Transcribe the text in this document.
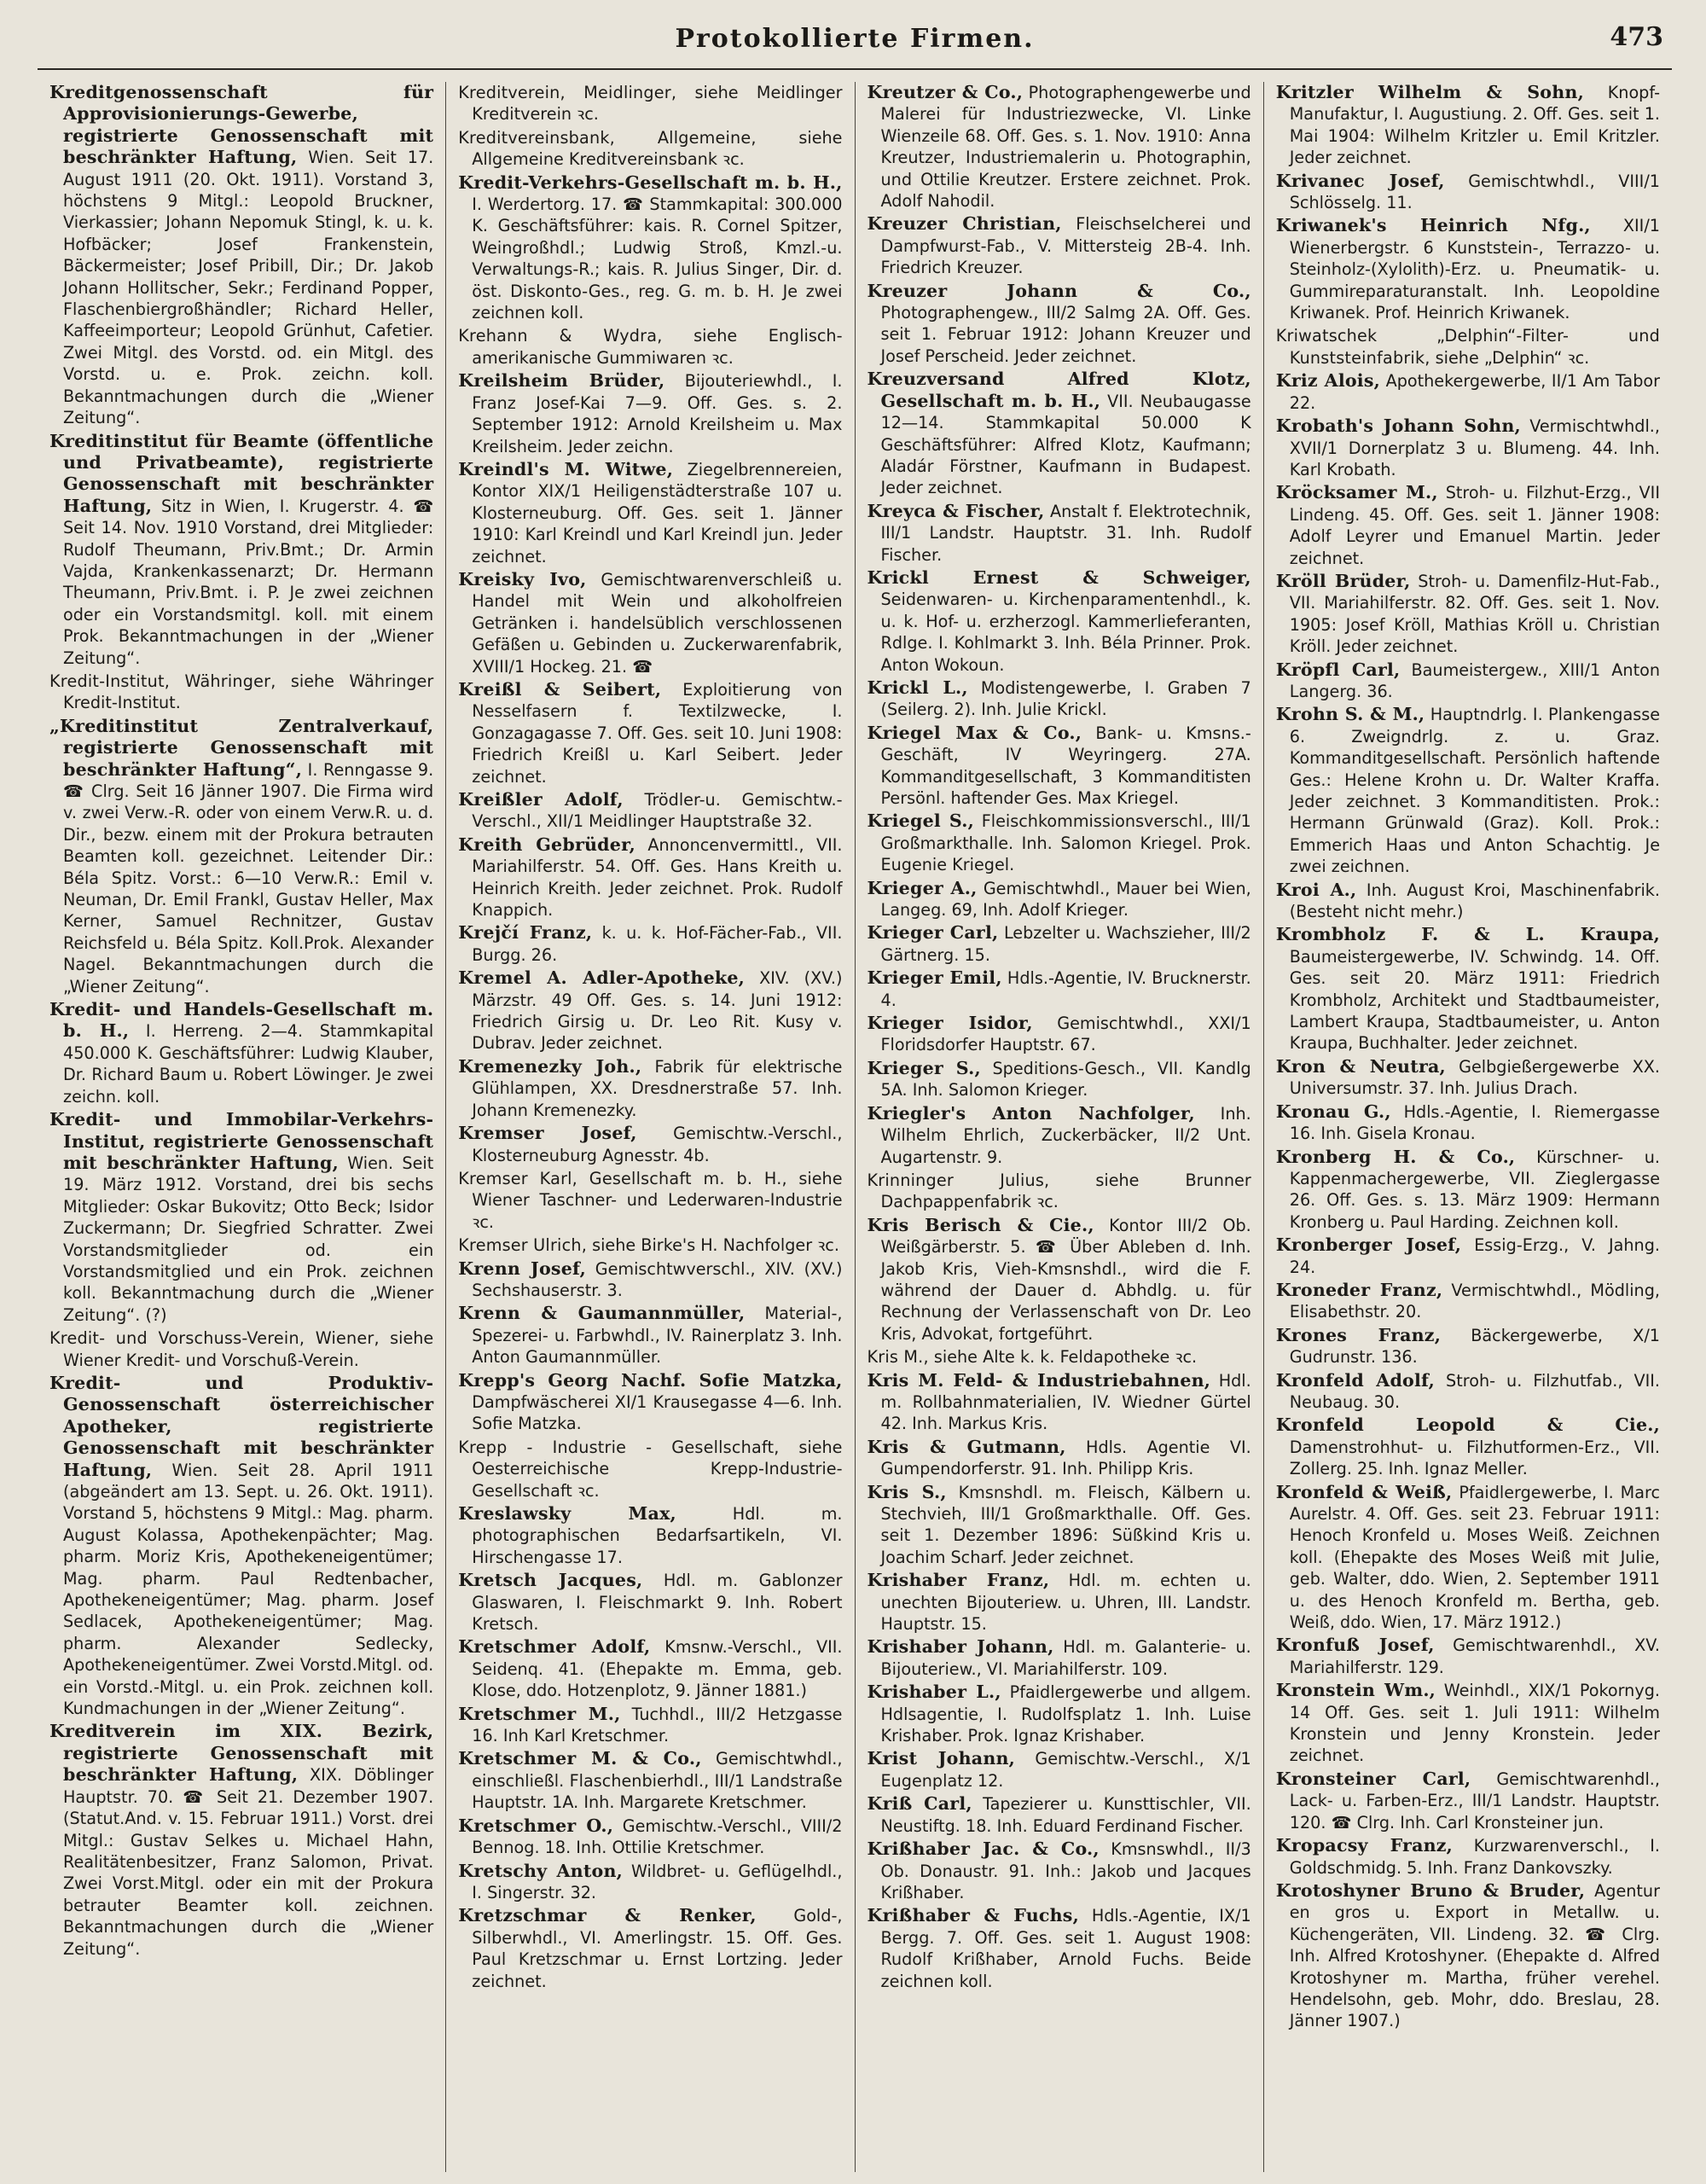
Protokollierte Firmen.	473

Kreditgenossenschaft für Approvisionierungs-Gewerbe, registrierte Genossenschaft mit beschränkter Haftung, Wien. Seit 17. August 1911 (20. Okt. 1911). Vorstand 3, höchstens 9 Mitgl.: Leopold Bruckner, Vierkassier; Johann Nepomuk Stingl, k. u. k. Hofbäcker; Josef Frankenstein, Bäckermeister; Josef Pribill, Dir.; Dr. Jakob Johann Hollitscher, Sekr.; Ferdinand Popper, Flaschenbiergroßhändler; Richard Heller, Kaffeeimporteur; Leopold Grünhut, Cafetier. Zwei Mitgl. des Vorstd. od. ein Mitgl. des Vorstd. u. e. Prok. zeichn. koll. Bekanntmachungen durch die „Wiener Zeitung“.

Kreditinstitut für Beamte (öffentliche und Privatbeamte), registrierte Genossenschaft mit beschränkter Haftung, Sitz in Wien, I. Krugerstr. 4. ☎ Seit 14. Nov. 1910 Vorstand, drei Mitglieder: Rudolf Theumann, Priv.Bmt.; Dr. Armin Vajda, Krankenkassenarzt; Dr. Hermann Theumann, Priv.Bmt. i. P. Je zwei zeichnen oder ein Vorstandsmitgl. koll. mit einem Prok. Bekanntmachungen in der „Wiener Zeitung“.

Kredit-Institut, Währinger, siehe Währinger Kredit-Institut.

„Kreditinstitut Zentralverkauf, registrierte Genossenschaft mit beschränkter Haftung“, I. Renngasse 9. ☎ Clrg. Seit 16 Jänner 1907. Die Firma wird v. zwei Verw.-R. oder von einem Verw.R. u. d. Dir., bezw. einem mit der Prokura betrauten Beamten koll. gezeichnet. Leitender Dir.: Béla Spitz. Vorst.: 6—10 Verw.R.: Emil v. Neuman, Dr. Emil Frankl, Gustav Heller, Max Kerner, Samuel Rechnitzer, Gustav Reichsfeld u. Béla Spitz. Koll.Prok. Alexander Nagel. Bekanntmachungen durch die „Wiener Zeitung“.

Kredit- und Handels-Gesellschaft m. b. H., I. Herreng. 2—4. Stammkapital 450.000 K. Geschäftsführer: Ludwig Klauber, Dr. Richard Baum u. Robert Löwinger. Je zwei zeichn. koll.

Kredit- und Immobilar-Verkehrs-Institut, registrierte Genossenschaft mit beschränkter Haftung, Wien. Seit 19. März 1912. Vorstand, drei bis sechs Mitglieder: Oskar Bukovitz; Otto Beck; Isidor Zuckermann; Dr. Siegfried Schratter. Zwei Vorstandsmitglieder od. ein Vorstandsmitglied und ein Prok. zeichnen koll. Bekanntmachung durch die „Wiener Zeitung“. (?)

Kredit- und Vorschuss-Verein, Wiener, siehe Wiener Kredit- und Vorschuß-Verein.

Kredit- und Produktiv-Genossenschaft österreichischer Apotheker, registrierte Genossenschaft mit beschränkter Haftung, Wien. Seit 28. April 1911 (abgeändert am 13. Sept. u. 26. Okt. 1911). Vorstand 5, höchstens 9 Mitgl.: Mag. pharm. August Kolassa, Apothekenpächter; Mag. pharm. Moriz Kris, Apothekeneigentümer; Mag. pharm. Paul Redtenbacher, Apothekeneigentümer; Mag. pharm. Josef Sedlacek, Apothekeneigentümer; Mag. pharm. Alexander Sedlecky, Apothekeneigentümer. Zwei Vorstd.Mitgl. od. ein Vorstd.-Mitgl. u. ein Prok. zeichnen koll. Kundmachungen in der „Wiener Zeitung“.

Kreditverein im XIX. Bezirk, registrierte Genossenschaft mit beschränkter Haftung, XIX. Döblinger Hauptstr. 70. ☎ Seit 21. Dezember 1907. (Statut.And. v. 15. Februar 1911.) Vorst. drei Mitgl.: Gustav Selkes u. Michael Hahn, Realitätenbesitzer, Franz Salomon, Privat. Zwei Vorst.Mitgl. oder ein mit der Prokura betrauter Beamter koll. zeichnen. Bekanntmachungen durch die „Wiener Zeitung“.

Kreditverein, Meidlinger, siehe Meidlinger Kreditverein ꝛc.

Kreditvereinsbank, Allgemeine,	siehe Allgemeine Kreditvereinsbank ꝛc.

Kredit-Verkehrs-Gesellschaft m. b. H., I. Werdertorg. 17. ☎ Stammkapital: 300.000 K. Geschäftsführer: kais. R. Cornel Spitzer, Weingroßhdl.; Ludwig Stroß, Kmzl.-u. Verwaltungs-R.; kais. R. Julius Singer, Dir. d. öst. Diskonto-Ges., reg. G. m. b. H. Je zwei zeichnen koll.

Krehann & Wydra, siehe Englisch-amerikanische Gummiwaren ꝛc.

Kreilsheim Brüder, Bijouteriewhdl., I. Franz Josef-Kai 7—9. Off. Ges. s. 2. September 1912: Arnold Kreilsheim u. Max Kreilsheim. Jeder zeichn.

Kreindl's M. Witwe, Ziegelbrennereien, Kontor XIX/1 Heiligenstädterstraße 107 u. Klosterneuburg. Off. Ges. seit 1. Jänner 1910: Karl Kreindl und Karl Kreindl jun. Jeder zeichnet.

Kreisky Ivo, Gemischtwarenverschleiß u. Handel mit Wein und alkoholfreien Getränken i. handelsüblich verschlossenen Gefäßen u. Gebinden u. Zuckerwarenfabrik, XVIII/1 Hockeg. 21. ☎

Kreißl & Seibert, Exploitierung von Nesselfasern f. Textilzwecke, I. Gonzagagasse 7. Off. Ges. seit 10. Juni 1908: Friedrich Kreißl u. Karl Seibert. Jeder zeichnet.

Kreißler Adolf, Trödler-u. Gemischtw.-Verschl., XII/1 Meidlinger Hauptstraße 32.

Kreith Gebrüder, Annoncenvermittl., VII. Mariahilferstr. 54. Off. Ges. Hans Kreith u. Heinrich Kreith. Jeder zeichnet. Prok. Rudolf Knappich.

Krejčí Franz, k. u. k. Hof-Fächer-Fab., VII. Burgg. 26.

Kremel A. Adler-Apotheke, XIV. (XV.) Märzstr. 49 Off. Ges. s. 14. Juni 1912: Friedrich Girsig u. Dr. Leo Rit. Kusy v. Dubrav. Jeder zeichnet.

Kremenezky Joh., Fabrik für elektrische Glühlampen, XX. Dresdnerstraße 57. Inh. Johann Kremenezky.

Kremser Josef, Gemischtw.-Verschl., Klosterneuburg Agnesstr. 4b.

Kremser Karl, Gesellschaft m. b. H., siehe Wiener Taschner- und Lederwaren-Industrie ꝛc.

Kremser Ulrich, siehe Birke's H. Nachfolger ꝛc.

Krenn Josef, Gemischtwverschl., XIV. (XV.) Sechshauserstr. 3.

Krenn & Gaumannmüller, Material-, Spezerei- u. Farbwhdl., IV. Rainerplatz 3. Inh. Anton Gaumannmüller.

Krepp's Georg Nachf. Sofie Matzka, Dampfwäscherei XI/1 Krausegasse 4—6. Inh. Sofie Matzka.

Krepp - Industrie - Gesellschaft, siehe Oesterreichische Krepp-Industrie-Gesellschaft ꝛc.

Kreslawsky Max,	Hdl. m. photographischen Bedarfsartikeln, VI. Hirschengasse 17.

Kretsch Jacques, Hdl. m. Gablonzer Glaswaren, I. Fleischmarkt 9. Inh. Robert Kretsch.

Kretschmer Adolf, Kmsnw.-Verschl., VII. Seidenq. 41. (Ehepakte m. Emma, geb. Klose, ddo. Hotzenplotz, 9. Jänner 1881.)

Kretschmer M., Tuchhdl., III/2 Hetzgasse 16. Inh Karl Kretschmer.

Kretschmer M. & Co., Gemischtwhdl., einschließl. Flaschenbierhdl., III/1 Landstraße Hauptstr. 1A. Inh. Margarete Kretschmer.

Kretschmer O., Gemischtw.-Verschl., VIII/2 Bennog. 18. Inh. Ottilie Kretschmer.

Kretschy Anton, Wildbret- u. Geflügelhdl., I. Singerstr. 32.

Kretzschmar & Renker, Gold-, Silberwhdl., VI. Amerlingstr. 15. Off. Ges. Paul Kretzschmar u. Ernst Lortzing. Jeder zeichnet.

Kreutzer & Co., Photographengewerbe und Malerei für Industriezwecke, VI. Linke Wienzeile 68. Off. Ges. s. 1. Nov. 1910: Anna Kreutzer, Industriemalerin u. Photographin, und Ottilie Kreutzer. Erstere zeichnet. Prok. Adolf Nahodil.

Kreuzer Christian, Fleischselcherei und Dampfwurst-Fab., V. Mittersteig 2B-4. Inh. Friedrich Kreuzer.

Kreuzer Johann & Co., Photographengew., III/2 Salmg 2A. Off. Ges. seit 1. Februar 1912: Johann Kreuzer und Josef Perscheid. Jeder zeichnet.

Kreuzversand Alfred Klotz, Gesellschaft m. b. H., VII. Neubaugasse 12—14. Stammkapital 50.000 K Geschäftsführer: Alfred Klotz, Kaufmann; Aladár Förstner, Kaufmann in Budapest. Jeder zeichnet.

Kreyca & Fischer, Anstalt f. Elektrotechnik, III/1 Landstr. Hauptstr. 31. Inh. Rudolf Fischer.

Krickl Ernest & Schweiger, Seidenwaren- u. Kirchenparamentenhdl., k. u. k. Hof- u. erzherzogl. Kammerlieferanten, Rdlge. I. Kohlmarkt 3. Inh. Béla Prinner. Prok. Anton Wokoun.

Krickl L., Modistengewerbe, I. Graben 7 (Seilerg. 2). Inh. Julie Krickl.

Kriegel Max & Co., Bank- u. Kmsns.-Geschäft, IV Weyringerg. 27A. Kommanditgesellschaft, 3 Kommanditisten Persönl. haftender Ges. Max Kriegel.

Kriegel S., Fleischkommissionsverschl., III/1 Großmarkthalle. Inh. Salomon Kriegel. Prok. Eugenie Kriegel.

Krieger A., Gemischtwhdl., Mauer bei Wien, Langeg. 69, Inh. Adolf Krieger.

Krieger Carl, Lebzelter u. Wachszieher, III/2 Gärtnerg. 15.

Krieger Emil, Hdls.-Agentie, IV. Brucknerstr. 4.

Krieger Isidor, Gemischtwhdl., XXI/1 Floridsdorfer Hauptstr. 67.

Krieger S., Speditions-Gesch., VII. Kandlg 5A. Inh. Salomon Krieger.

Kriegler's Anton Nachfolger, Inh. Wilhelm Ehrlich, Zuckerbäcker, II/2 Unt. Augartenstr. 9.

Krinninger Julius,	siehe Brunner Dachpappenfabrik ꝛc.

Kris Berisch & Cie., Kontor III/2 Ob. Weißgärberstr. 5. ☎ Über Ableben d. Inh. Jakob Kris, Vieh-Kmsnshdl., wird die F. während der Dauer d. Abhdlg. u. für Rechnung der Verlassenschaft von Dr. Leo Kris, Advokat, fortgeführt.

Kris M., siehe Alte k. k. Feldapotheke ꝛc.

Kris M. Feld- & Industriebahnen, Hdl. m. Rollbahnmaterialien, IV. Wiedner Gürtel 42. Inh. Markus Kris.

Kris & Gutmann, Hdls. Agentie VI. Gumpendorferstr. 91. Inh. Philipp Kris.

Kris S., Kmsnshdl. m. Fleisch, Kälbern u. Stechvieh, III/1 Großmarkthalle. Off. Ges. seit 1. Dezember 1896: Süßkind Kris u. Joachim Scharf. Jeder zeichnet.

Krishaber Franz, Hdl. m. echten u. unechten Bijouteriew. u. Uhren, III. Landstr. Hauptstr. 15.

Krishaber Johann, Hdl. m. Galanterie- u. Bijouteriew., VI. Mariahilferstr. 109.

Krishaber L., Pfaidlergewerbe und allgem. Hdlsagentie, I. Rudolfsplatz 1. Inh. Luise Krishaber. Prok. Ignaz Krishaber.

Krist Johann, Gemischtw.-Verschl., X/1 Eugenplatz 12.

Kriß Carl, Tapezierer u. Kunsttischler, VII. Neustiftg. 18. Inh. Eduard Ferdinand Fischer.

Krißhaber Jac. & Co., Kmsnswhdl., II/3 Ob. Donaustr. 91. Inh.: Jakob und Jacques Krißhaber.

Krißhaber & Fuchs, Hdls.-Agentie, IX/1 Bergg. 7. Off. Ges. seit 1. August 1908: Rudolf Krißhaber, Arnold Fuchs. Beide zeichnen koll.

Kritzler Wilhelm & Sohn, Knopf-Manufaktur, I. Augustiung. 2. Off. Ges. seit 1. Mai 1904: Wilhelm Kritzler u. Emil Kritzler. Jeder zeichnet.

Krivanec Josef, Gemischtwhdl., VIII/1 Schlösselg. 11.

Kriwanek's Heinrich Nfg., XII/1 Wienerbergstr. 6 Kunststein-, Terrazzo- u. Steinholz-(Xylolith)-Erz. u. Pneumatik- u. Gummireparaturanstalt. Inh. Leopoldine Kriwanek. Prof. Heinrich Kriwanek.

Kriwatschek „Delphin“-Filter- und Kunststeinfabrik, siehe „Delphin“ ꝛc.

Kriz Alois, Apothekergewerbe, II/1 Am Tabor 22.

Krobath's Johann Sohn, Vermischtwhdl., XVII/1 Dornerplatz 3 u. Blumeng. 44. Inh. Karl Krobath.

Kröcksamer M., Stroh- u. Filzhut-Erzg., VII Lindeng. 45. Off. Ges. seit 1. Jänner 1908: Adolf Leyrer und Emanuel Martin. Jeder zeichnet.

Kröll Brüder, Stroh- u. Damenfilz-Hut-Fab., VII. Mariahilferstr. 82. Off. Ges. seit 1. Nov. 1905: Josef Kröll, Mathias Kröll u. Christian Kröll. Jeder zeichnet.

Kröpfl Carl, Baumeistergew., XIII/1 Anton Langerg. 36.

Krohn S. & M., Hauptndrlg. I. Plankengasse 6. Zweigndrlg. z. u. Graz. Kommanditgesellschaft. Persönlich haftende Ges.: Helene Krohn u. Dr. Walter Kraffa. Jeder zeichnet. 3 Kommanditisten. Prok.: Hermann Grünwald (Graz). Koll. Prok.: Emmerich Haas und Anton Schachtig. Je zwei zeichnen.

Kroi A., Inh. August Kroi, Maschinenfabrik. (Besteht nicht mehr.)

Krombholz F. & L. Kraupa, Baumeistergewerbe, IV. Schwindg. 14. Off. Ges. seit 20. März 1911: Friedrich Krombholz, Architekt und Stadtbaumeister, Lambert Kraupa, Stadtbaumeister, u. Anton Kraupa, Buchhalter. Jeder zeichnet.

Kron & Neutra, Gelbgießergewerbe XX. Universumstr. 37. Inh. Julius Drach.

Kronau G., Hdls.-Agentie, I. Riemergasse 16. Inh. Gisela Kronau.

Kronberg H. & Co., Kürschner- u. Kappenmachergewerbe, VII. Zieglergasse 26. Off. Ges. s. 13. März 1909: Hermann Kronberg u. Paul Harding. Zeichnen koll.

Kronberger Josef, Essig-Erzg., V. Jahng. 24.

Kroneder Franz, Vermischtwhdl., Mödling, Elisabethstr. 20.

Krones Franz, Bäckergewerbe, X/1 Gudrunstr. 136.

Kronfeld Adolf, Stroh- u. Filzhutfab., VII. Neubaug. 30.

Kronfeld Leopold & Cie., Damenstrohhut- u. Filzhutformen-Erz., VII. Zollerg. 25. Inh. Ignaz Meller.

Kronfeld & Weiß, Pfaidlergewerbe, I. Marc Aurelstr. 4. Off. Ges. seit 23. Februar 1911: Henoch Kronfeld u. Moses Weiß. Zeichnen koll. (Ehepakte des Moses Weiß mit Julie, geb. Walter, ddo. Wien, 2. September 1911 u. des Henoch Kronfeld m. Bertha, geb. Weiß, ddo. Wien, 17. März 1912.)

Kronfuß Josef, Gemischtwarenhdl., XV. Mariahilferstr. 129.

Kronstein Wm., Weinhdl., XIX/1 Pokornyg. 14 Off. Ges. seit 1. Juli 1911: Wilhelm Kronstein und Jenny Kronstein. Jeder zeichnet.

Kronsteiner Carl, Gemischtwarenhdl., Lack- u. Farben-Erz., III/1 Landstr. Hauptstr. 120. ☎ Clrg. Inh. Carl Kronsteiner jun.

Kropacsy Franz, Kurzwarenverschl., I. Goldschmidg. 5. Inh. Franz Dankovszky.

Krotoshyner Bruno & Bruder, Agentur en gros u. Export in Metallw. u. Küchengeräten, VII. Lindeng. 32. ☎ Clrg. Inh. Alfred Krotoshyner. (Ehepakte d. Alfred Krotoshyner m. Martha, früher verehel. Hendelsohn, geb. Mohr, ddo. Breslau, 28. Jänner 1907.)
